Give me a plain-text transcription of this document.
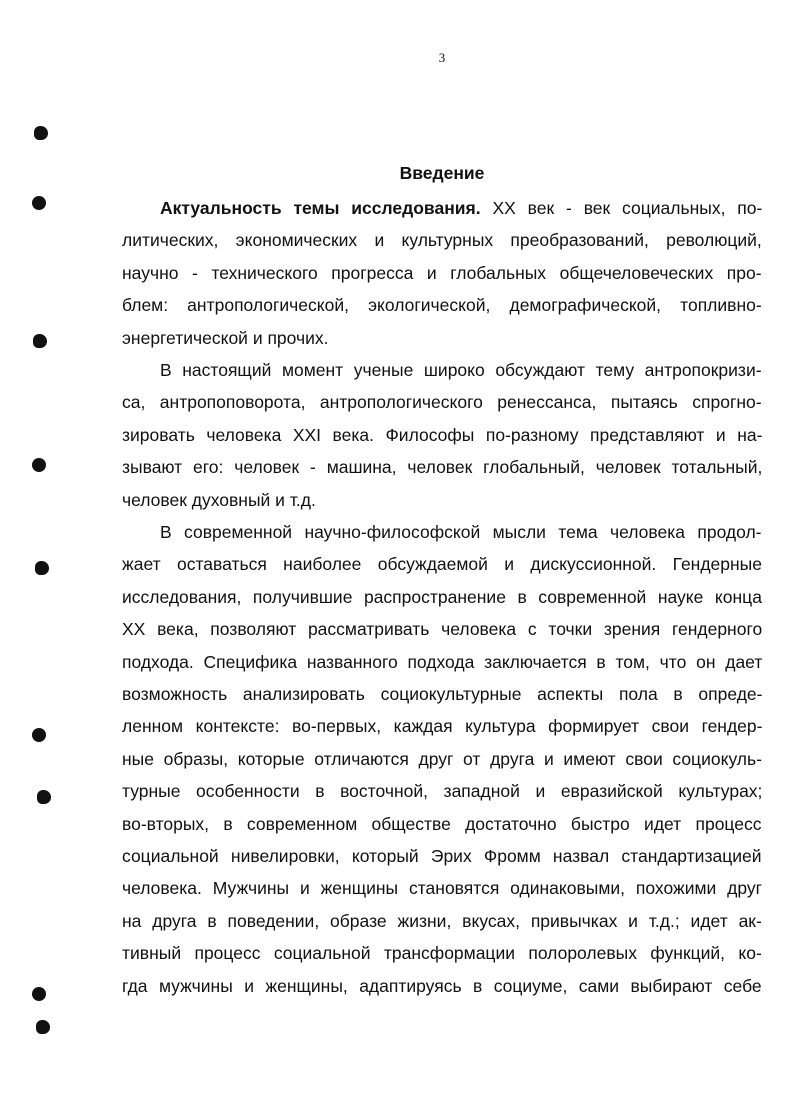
3
Введение
Актуальность темы исследования. XX век - век социальных, по-
литических, экономических и культурных преобразований, революций,
научно - технического прогресса и глобальных общечеловеческих про-
блем: антропологической, экологической, демографической, топливно-
энергетической и прочих.
В настоящий момент ученые широко обсуждают тему антропокризи-
са, антропоповорота, антропологического ренессанса, пытаясь спрогно-
зировать человека XXI века. Философы по-разному представляют и на-
зывают его: человек - машина, человек глобальный, человек тотальный,
человек духовный и т.д.
В современной научно-философской мысли тема человека продол-
жает оставаться наиболее обсуждаемой и дискуссионной. Гендерные
исследования, получившие распространение в современной науке конца
XX века, позволяют рассматривать человека с точки зрения гендерного
подхода. Специфика названного подхода заключается в том, что он дает
возможность анализировать социокультурные аспекты пола в опреде-
ленном контексте: во-первых, каждая культура формирует свои гендер-
ные образы, которые отличаются друг от друга и имеют свои социокуль-
турные особенности в восточной, западной и евразийской культурах;
во-вторых, в современном обществе достаточно быстро идет процесс
социальной нивелировки, который Эрих Фромм назвал стандартизацией
человека. Мужчины и женщины становятся одинаковыми, похожими друг
на друга в поведении, образе жизни, вкусах, привычках и т.д.; идет ак-
тивный процесс социальной трансформации полоролевых функций, ко-
гда мужчины и женщины, адаптируясь в социуме, сами выбирают себе
